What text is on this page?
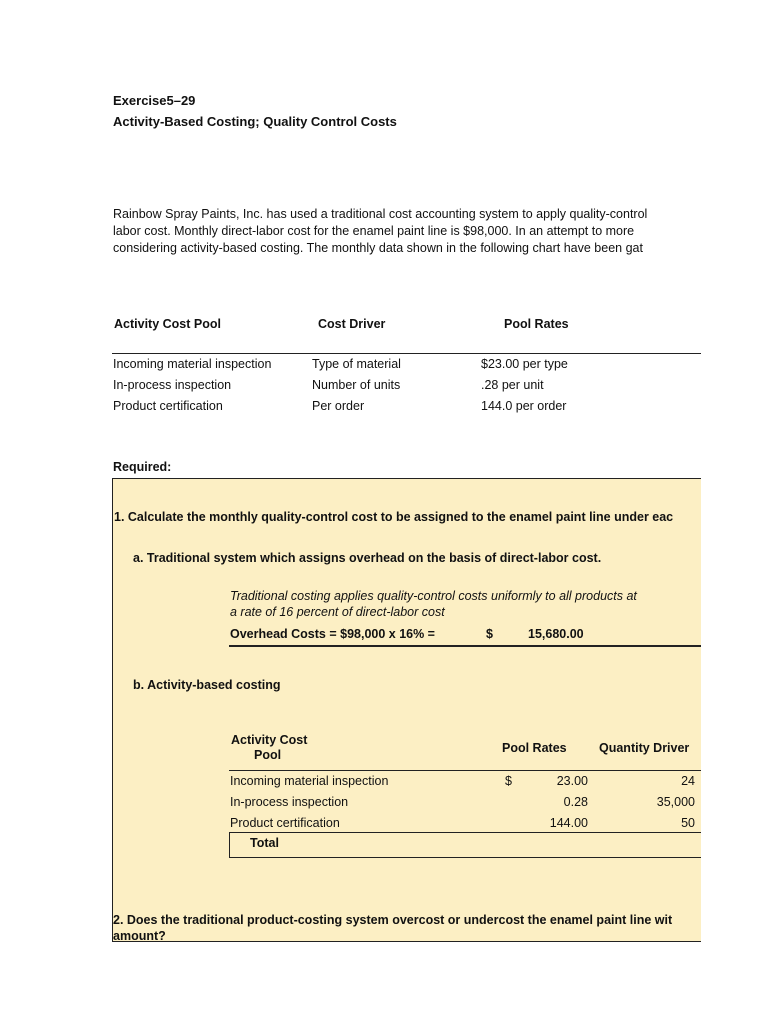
Exercise5–29
Activity-Based Costing; Quality Control Costs
Rainbow Spray Paints, Inc. has used a traditional cost accounting system to apply quality-control
labor cost. Monthly direct-labor cost for the enamel paint line is $98,000. In an attempt to more
considering activity-based costing. The monthly data shown in the following chart have been gat
Activity Cost Pool	Cost Driver	Pool Rates
Incoming material inspection	Type of material	$23.00 per type
In-process inspection	Number of units	.28 per unit
Product certification	Per order	144.0 per order
Required:
1. Calculate the monthly quality-control cost to be assigned to the enamel paint line under eac
a. Traditional system which assigns overhead on the basis of direct-labor cost.
Traditional costing applies quality-control costs uniformly to all products at
a rate of 16 percent of direct-labor cost
Overhead Costs = $98,000 x 16% =	$	15,680.00
b. Activity-based costing
Activity Cost
Pool	Pool Rates	Quantity Driver
Incoming material inspection	$	23.00	24
In-process inspection	0.28	35,000
Product certification	144.00	50
Total
2. Does the traditional product-costing system overcost or undercost the enamel paint line wit
amount?
